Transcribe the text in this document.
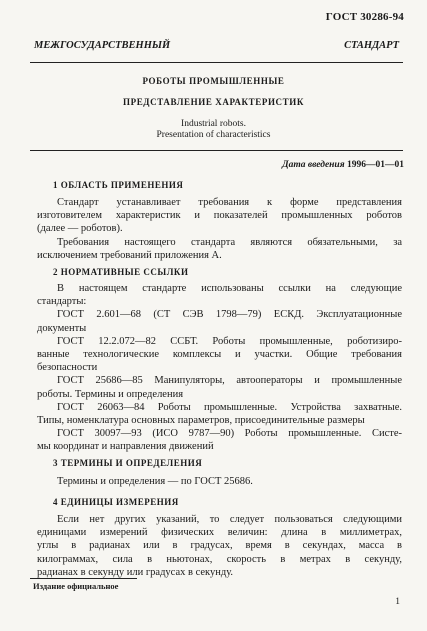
ГОСТ 30286-94
МЕЖГОСУДАРСТВЕННЫЙ СТАНДАРТ
РОБОТЫ ПРОМЫШЛЕННЫЕ
ПРЕДСТАВЛЕНИЕ ХАРАКТЕРИСТИК
Industrial robots.
Presentation of characteristics
Дата введения 1996—01—01
1 ОБЛАСТЬ ПРИМЕНЕНИЯ
Стандарт устанавливает требования к форме представления
изготовителем характеристик и показателей промышленных роботов
(далее — роботов).
Требования настоящего стандарта являются обязательными, за
исключением требований приложения А.
2 НОРМАТИВНЫЕ ССЫЛКИ
В настоящем стандарте использованы ссылки на следующие
стандарты:
ГОСТ 2.601—68 (СТ СЭВ 1798—79) ЕСКД. Эксплуатационные
документы
ГОСТ 12.2.072—82 ССБТ. Роботы промышленные, роботизиро-
ванные технологические комплексы и участки. Общие требования
безопасности
ГОСТ 25686—85 Манипуляторы, автооператоры и промышленные
роботы. Термины и определения
ГОСТ 26063—84 Роботы промышленные. Устройства захватные.
Типы, номенклатура основных параметров, присоединительные размеры
ГОСТ 30097—93 (ИСО 9787—90) Роботы промышленные. Систе-
мы координат и направления движений
3 ТЕРМИНЫ И ОПРЕДЕЛЕНИЯ
Термины и определения — по ГОСТ 25686.
4 ЕДИНИЦЫ ИЗМЕРЕНИЯ
Если нет других указаний, то следует пользоваться следующими
единицами измерений физических величин: длина в миллиметрах,
углы в радианах или в градусах, время в секундах, масса в
килограммах, сила в ньютонах, скорость в метрах в секунду,
радианах в секунду или градусах в секунду.
Издание официальное
1
